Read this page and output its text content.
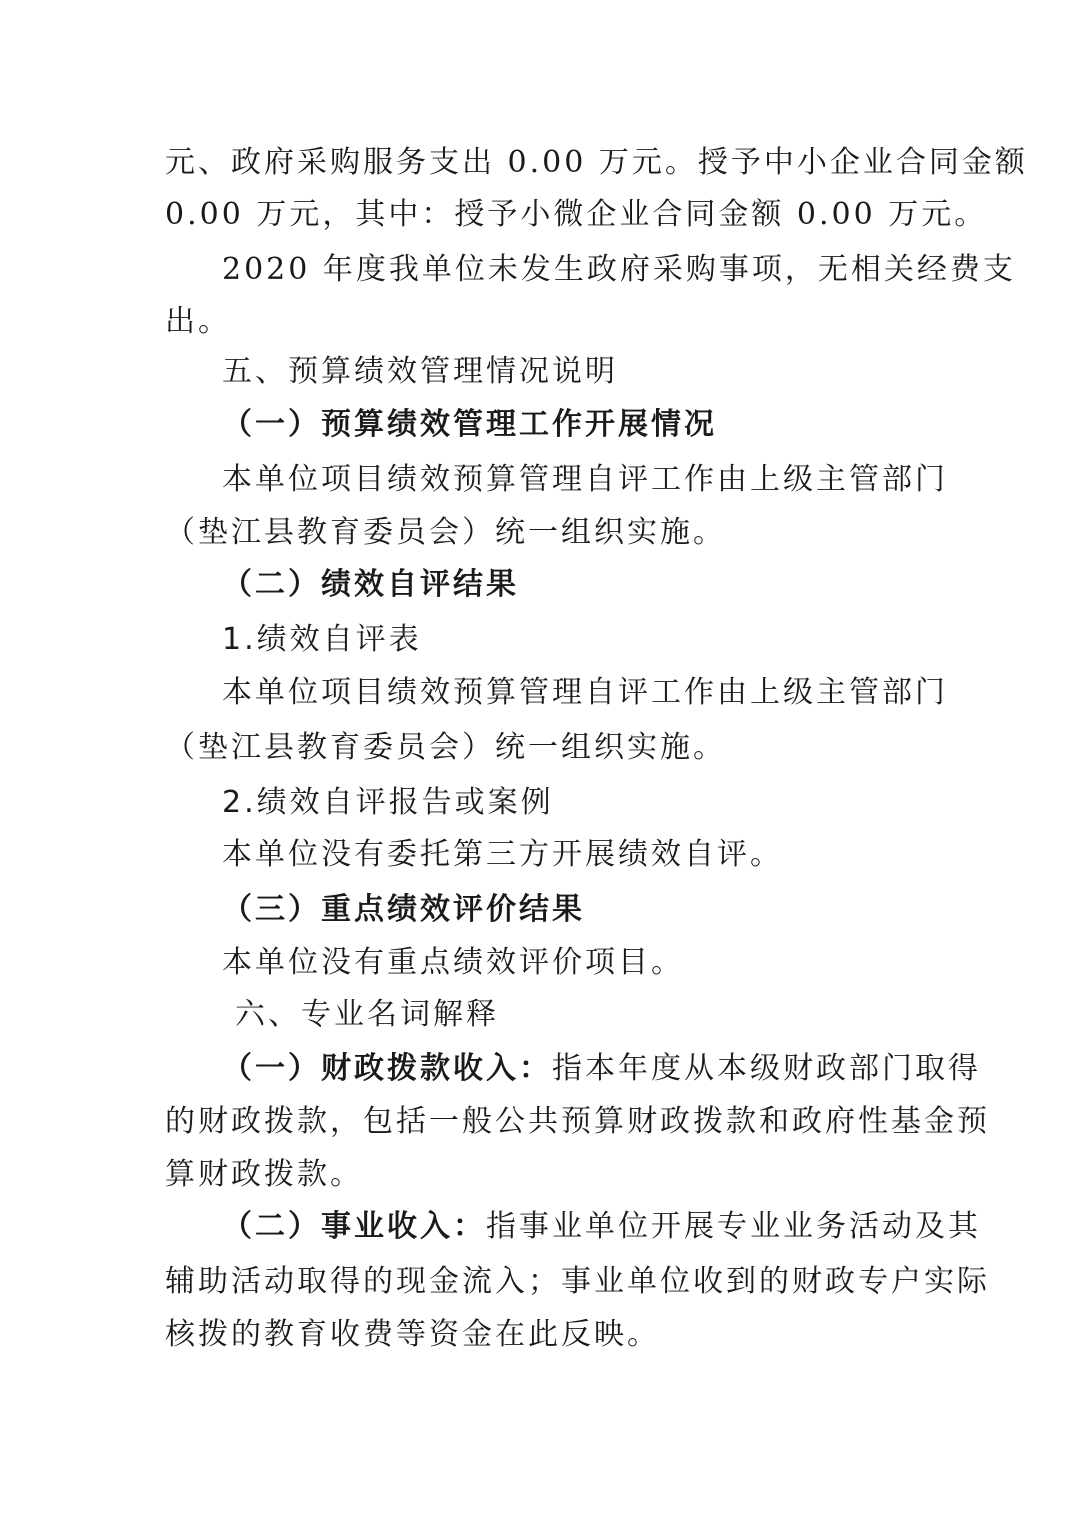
元、政府采购服务支出 0.00 万元。授予中小企业合同金额
0.00 万元，其中：授予小微企业合同金额 0.00 万元。
2020 年度我单位未发生政府采购事项，无相关经费支
出。
五、预算绩效管理情况说明
（一）预算绩效管理工作开展情况
本单位项目绩效预算管理自评工作由上级主管部门
（垫江县教育委员会）统一组织实施。
（二）绩效自评结果
1.绩效自评表
本单位项目绩效预算管理自评工作由上级主管部门
（垫江县教育委员会）统一组织实施。
2.绩效自评报告或案例
本单位没有委托第三方开展绩效自评。
（三）重点绩效评价结果
本单位没有重点绩效评价项目。
六、专业名词解释
（一）财政拨款收入：指本年度从本级财政部门取得
的财政拨款，包括一般公共预算财政拨款和政府性基金预
算财政拨款。
（二）事业收入：指事业单位开展专业业务活动及其
辅助活动取得的现金流入；事业单位收到的财政专户实际
核拨的教育收费等资金在此反映。
